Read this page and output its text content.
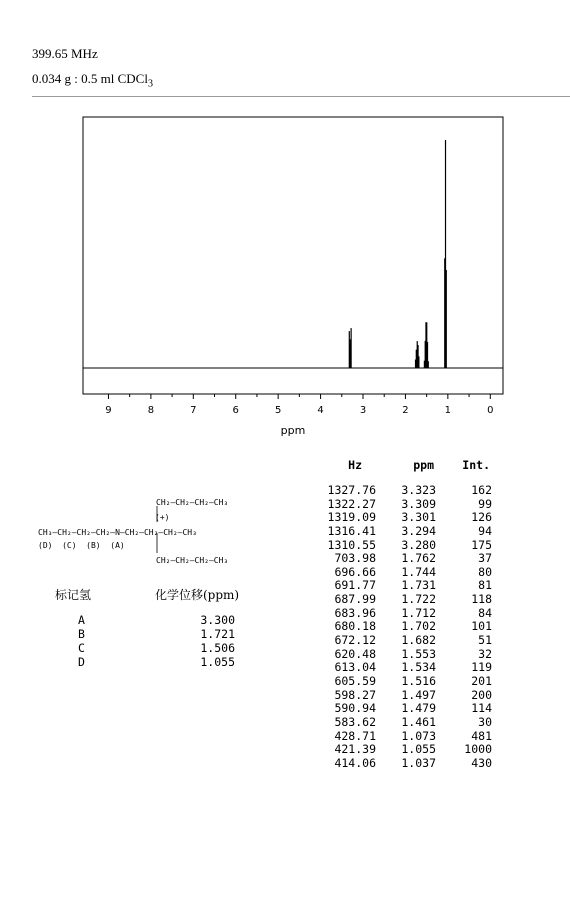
399.65 MHz
0.034 g : 0.5 ml CDCl$_3$
9	8	7	6	5	4	3	2	1	0
ppm
Hz	ppm	Int.
1327.76	3.323	162
1322.27	3.309	99
1319.09	3.301	126
1316.41	3.294	94
1310.55	3.280	175
703.98	1.762	37
696.66	1.744	80
691.77	1.731	81
687.99	1.722	118
683.96	1.712	84
680.18	1.702	101
672.12	1.682	51
620.48	1.553	32
613.04	1.534	119
605.59	1.516	201
598.27	1.497	200
590.94	1.479	114
583.62	1.461	30
428.71	1.073	481
421.39	1.055	1000
414.06	1.037	430
CH₂—CH₂—CH₂—CH₃
(+)
CH₃—CH₂—CH₂—CH₂—N—CH₂—CH₂—CH₂—CH₃
(D)  (C)  (B)  (A)
CH₂—CH₂—CH₂—CH₃
标记氢	化学位移(ppm)
A	3.300
B	1.721
C	1.506
D	1.055
